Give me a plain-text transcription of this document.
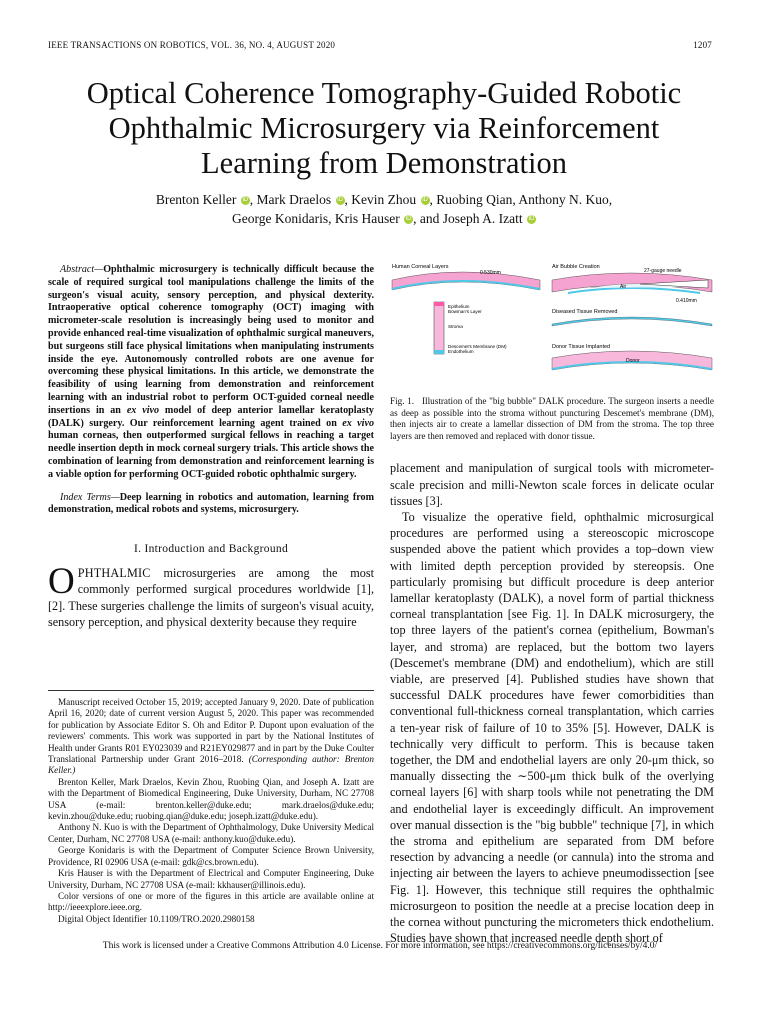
IEEE TRANSACTIONS ON ROBOTICS, VOL. 36, NO. 4, AUGUST 2020	1207
Optical Coherence Tomography-Guided Robotic
Ophthalmic Microsurgery via Reinforcement
Learning from Demonstration
Brenton Keller iD , Mark Draelos iD , Kevin Zhou iD , Ruobing Qian, Anthony N. Kuo,
George Konidaris, Kris Hauser iD , and Joseph A. Izatt iD

Abstract—Ophthalmic microsurgery is technically difficult because the scale of required surgical tool manipulations challenge the limits of the surgeon's visual acuity, sensory perception, and physical dexterity. Intraoperative optical coherence tomography (OCT) imaging with micrometer-scale resolution is increasingly being used to monitor and provide enhanced real-time visualization of ophthalmic surgical maneuvers, but surgeons still face physical limitations when manipulating instruments inside the eye. Autonomously controlled robots are one avenue for overcoming these physical limitations. In this article, we demonstrate the feasibility of using learning from demonstration and reinforcement learning with an industrial robot to perform OCT-guided corneal needle insertions in an ex vivo model of deep anterior lamellar keratoplasty (DALK) surgery. Our reinforcement learning agent trained on ex vivo human corneas, then outperformed surgical fellows in reaching a target needle insertion depth in mock corneal surgery trials. This article shows the combination of learning from demonstration and reinforcement learning is a viable option for performing OCT-guided robotic ophthalmic surgery.

Index Terms—Deep learning in robotics and automation, learning from demonstration, medical robots and systems, microsurgery.

I. Introduction and Background

OPHTHALMIC microsurgeries are among the most commonly performed surgical procedures worldwide [1], [2]. These surgeries challenge the limits of surgeon's visual acuity, sensory perception, and physical dexterity because they require

Manuscript received October 15, 2019; accepted January 9, 2020. Date of publication April 16, 2020; date of current version August 5, 2020. This paper was recommended for publication by Associate Editor S. Oh and Editor P. Dupont upon evaluation of the reviewers' comments. This work was supported in part by the National Institutes of Health under Grants R01 EY023039 and R21EY029877 and in part by the Duke Coulter Translational Partnership under Grant 2016–2018. (Corresponding author: Brenton Keller.)

Brenton Keller, Mark Draelos, Kevin Zhou, Ruobing Qian, and Joseph A. Izatt are with the Department of Biomedical Engineering, Duke University, Durham, NC 27708 USA (e-mail: brenton.keller@duke.edu; mark.draelos@duke.edu; kevin.zhou@duke.edu; ruobing.qian@duke.edu; joseph.izatt@duke.edu).

Anthony N. Kuo is with the Department of Ophthalmology, Duke University Medical Center, Durham, NC 27708 USA (e-mail: anthony.kuo@duke.edu).

George Konidaris is with the Department of Computer Science Brown University, Providence, RI 02906 USA (e-mail: gdk@cs.brown.edu).

Kris Hauser is with the Department of Electrical and Computer Engineering, Duke University, Durham, NC 27708 USA (e-mail: kkhauser@illinois.edu).

Color versions of one or more of the figures in this article are available online at http://ieeexplore.ieee.org.

Digital Object Identifier 10.1109/TRO.2020.2980158

Human Corneal Layers
0.530mm
Epithelium
Bowman's Layer
Stroma
Descemet's Membrane (DM)
Endothelium
Air Bubble Creation
27-gauge needle
Air
0.410mm
Diseased Tissue Removed
Donor Tissue Implanted
Donor

Fig. 1. Illustration of the "big bubble" DALK procedure. The surgeon inserts a needle as deep as possible into the stroma without puncturing Descemet's membrane (DM), then injects air to create a lamellar dissection of DM from the stroma. The top three layers are then removed and replaced with donor tissue.

placement and manipulation of surgical tools with micrometer-scale precision and milli-Newton scale forces in delicate ocular tissues [3].

To visualize the operative field, ophthalmic microsurgical procedures are performed using a stereoscopic microscope suspended above the patient which provides a top–down view with limited depth perception provided by stereopsis. One particularly promising but difficult procedure is deep anterior lamellar keratoplasty (DALK), a novel form of partial thickness corneal transplantation [see Fig. 1]. In DALK microsurgery, the top three layers of the patient's cornea (epithelium, Bowman's layer, and stroma) are replaced, but the bottom two layers (Descemet's membrane (DM) and endothelium), which are still viable, are preserved [4]. Published studies have shown that successful DALK procedures have fewer comorbidities than conventional full-thickness corneal transplantation, which carries a ten-year risk of failure of 10 to 35% [5]. However, DALK is technically very difficult to perform. This is because taken together, the DM and endothelial layers are only 20-μm thick, so manually dissecting the ∼500-μm thick bulk of the overlying corneal layers [6] with sharp tools while not penetrating the DM and endothelial layer is exceedingly difficult. An improvement over manual dissection is the "big bubble" technique [7], in which the stroma and epithelium are separated from DM before resection by advancing a needle (or cannula) into the stroma and injecting air between the layers to achieve pneumodissection [see Fig. 1]. However, this technique still requires the ophthalmic microsurgeon to position the needle at a precise location deep in the cornea without puncturing the micrometers thick endothelium. Studies have shown that increased needle depth short of

This work is licensed under a Creative Commons Attribution 4.0 License. For more information, see https://creativecommons.org/licenses/by/4.0/
